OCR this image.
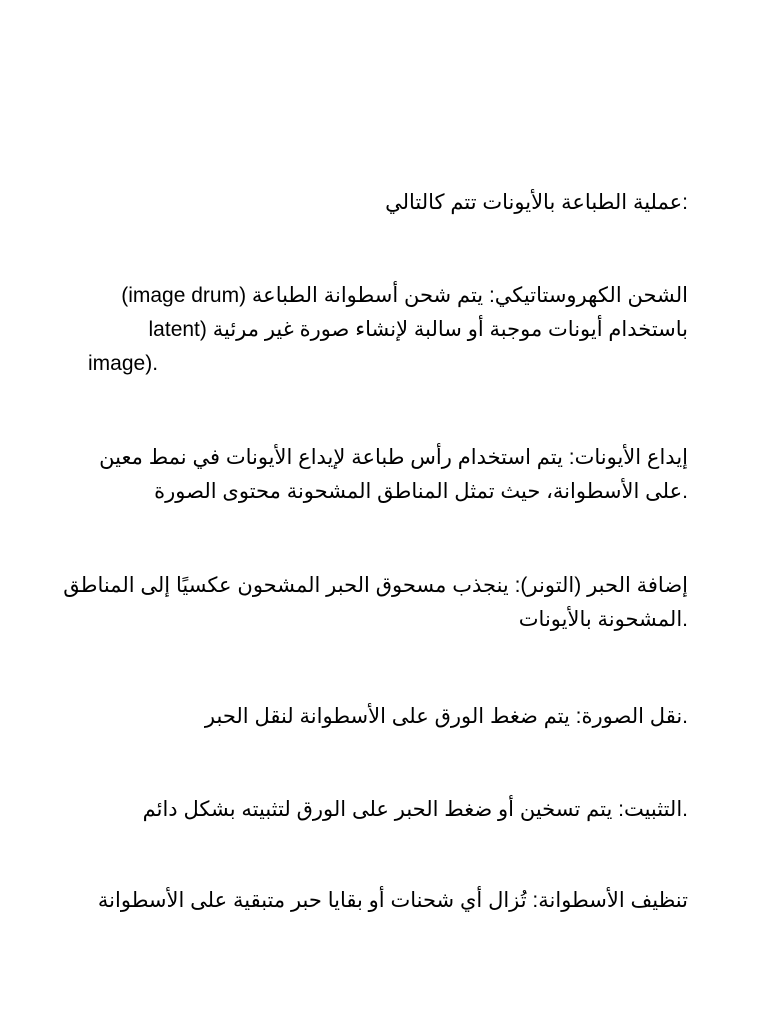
:عملية الطباعة بالأيونات تتم كالتالي
الشحن الكهروستاتيكي: يتم شحن أسطوانة الطباعة (image drum)
باستخدام أيونات موجبة أو سالبة لإنشاء صورة غير مرئية (latent
image).
إيداع الأيونات: يتم استخدام رأس طباعة لإيداع الأيونات في نمط معين
.على الأسطوانة، حيث تمثل المناطق المشحونة محتوى الصورة
إضافة الحبر (التونر): ينجذب مسحوق الحبر المشحون عكسيًا إلى المناطق
.المشحونة بالأيونات
.نقل الصورة: يتم ضغط الورق على الأسطوانة لنقل الحبر
.التثبيت: يتم تسخين أو ضغط الحبر على الورق لتثبيته بشكل دائم
تنظيف الأسطوانة: تُزال أي شحنات أو بقايا حبر متبقية على الأسطوانة
